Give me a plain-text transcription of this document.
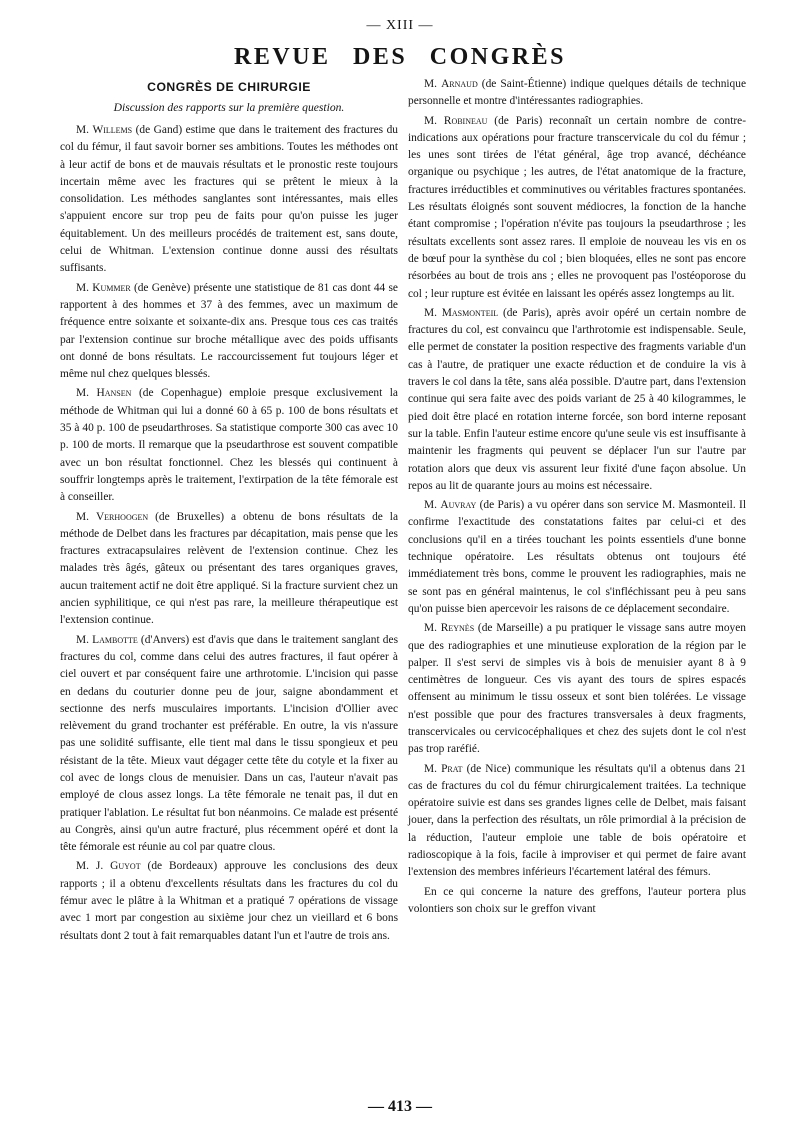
— XIII —
REVUE DES CONGRÈS
CONGRÈS DE CHIRURGIE
Discussion des rapports sur la première question.

M. Willems (de Gand) estime que dans le traitement des fractures du col du fémur, il faut savoir borner ses ambitions. Toutes les méthodes ont à leur actif de bons et de mauvais résultats et le pronostic reste toujours incertain même avec les fractures qui se prêtent le mieux à la consolidation. Les méthodes sanglantes sont intéressantes, mais elles s'appuient encore sur trop peu de faits pour qu'on puisse les juger équitablement. Un des meilleurs procédés de traitement est, sans doute, celui de Whitman. L'extension continue donne aussi des résultats suffisants.

M. Kummer (de Genève) présente une statistique de 81 cas dont 44 se rapportent à des hommes et 37 à des femmes, avec un maximum de fréquence entre soixante et soixante-dix ans. Presque tous ces cas traités par l'extension continue sur broche métallique avec des poids uffisants ont donné de bons résultats. Le raccourcissement fut toujours léger et même nul chez quelques blessés.

M. Hansen (de Copenhague) emploie presque exclusivement la méthode de Whitman qui lui a donné 60 à 65 p. 100 de bons résultats et 35 à 40 p. 100 de pseudarthroses. Sa statistique comporte 300 cas avec 10 p. 100 de morts. Il remarque que la pseudarthrose est souvent compatible avec un bon résultat fonctionnel. Chez les blessés qui continuent à souffrir longtemps après le traitement, l'extirpation de la tête fémorale est à conseiller.

M. Verhoogen (de Bruxelles) a obtenu de bons résultats de la méthode de Delbet dans les fractures par décapitation, mais pense que les fractures extracapsulaires relèvent de l'extension continue. Chez les malades très âgés, gâteux ou présentant des tares organiques graves, aucun traitement actif ne doit être appliqué. Si la fracture survient chez un ancien syphilitique, ce qui n'est pas rare, la meilleure thérapeutique est l'extension continue.

M. Lambotte (d'Anvers) est d'avis que dans le traitement sanglant des fractures du col, comme dans celui des autres fractures, il faut opérer à ciel ouvert et par conséquent faire une arthrotomie. L'incision qui passe en dedans du couturier donne peu de jour, saigne abondamment et sectionne des nerfs musculaires importants. L'incision d'Ollier avec relèvement du grand trochanter est préférable. En outre, la vis n'assure pas une solidité suffisante, elle tient mal dans le tissu spongieux et peu résistant de la tête. Mieux vaut dégager cette tête du cotyle et la fixer au col avec de longs clous de menuisier. Dans un cas, l'auteur n'avait pas employé de clous assez longs. La tête fémorale ne tenait pas, il dut en pratiquer l'ablation. Le résultat fut bon néanmoins. Ce malade est présenté au Congrès, ainsi qu'un autre fracturé, plus récemment opéré et dont la tête fémorale est réunie au col par quatre clous.

M. J. Guyot (de Bordeaux) approuve les conclusions des deux rapports ; il a obtenu d'excellents résultats dans les fractures du col du fémur avec le plâtre à la Whitman et a pratiqué 7 opérations de vissage avec 1 mort par congestion au sixième jour chez un vieillard et 6 bons résultats dont 2 tout à fait remarquables datant l'un et l'autre de trois ans.

M. Arnaud (de Saint-Étienne) indique quelques détails de technique personnelle et montre d'intéressantes radiographies.

M. Robineau (de Paris) reconnaît un certain nombre de contre-indications aux opérations pour fracture transcervicale du col du fémur ; les unes sont tirées de l'état général, âge trop avancé, déchéance organique ou psychique ; les autres, de l'état anatomique de la fracture, fractures irréductibles et comminutives ou véritables fractures spontanées. Les résultats éloignés sont souvent médiocres, la fonction de la hanche étant compromise ; l'opération n'évite pas toujours la pseudarthrose ; les résultats excellents sont assez rares. Il emploie de nouveau les vis en os de bœuf pour la synthèse du col ; bien bloquées, elles ne sont pas encore résorbées au bout de trois ans ; elles ne provoquent pas l'ostéoporose du col ; leur rupture est évitée en laissant les opérés assez longtemps au lit.

M. Masmonteil (de Paris), après avoir opéré un certain nombre de fractures du col, est convaincu que l'arthrotomie est indispensable. Seule, elle permet de constater la position respective des fragments variable d'un cas à l'autre, de pratiquer une exacte réduction et de conduire la vis à travers le col dans la tête, sans aléa possible. D'autre part, dans l'extension continue qui sera faite avec des poids variant de 25 à 40 kilogrammes, le pied doit être placé en rotation interne forcée, son bord interne reposant sur la table. Enfin l'auteur estime encore qu'une seule vis est insuffisante à maintenir les fragments qui peuvent se déplacer l'un sur l'autre par rotation alors que deux vis assurent leur fixité d'une façon absolue. Un repos au lit de quarante jours au moins est nécessaire.

M. Auvray (de Paris) a vu opérer dans son service M. Masmonteil. Il confirme l'exactitude des constatations faites par celui-ci et des conclusions qu'il en a tirées touchant les points essentiels d'une bonne technique opératoire. Les résultats obtenus ont toujours été immédiatement très bons, comme le prouvent les radiographies, mais ne se sont pas en général maintenus, le col s'infléchissant peu à peu sans qu'on puisse bien apercevoir les raisons de ce déplacement secondaire.

M. Reynès (de Marseille) a pu pratiquer le vissage sans autre moyen que des radiographies et une minutieuse exploration de la région par le palper. Il s'est servi de simples vis à bois de menuisier ayant 8 à 9 centimètres de longueur. Ces vis ayant des tours de spires espacés offensent au minimum le tissu osseux et sont bien tolérées. Le vissage n'est possible que pour des fractures transversales à deux fragments, transcervicales ou cervicocéphaliques et chez des sujets dont le col n'est pas trop raréfié.

M. Prat (de Nice) communique les résultats qu'il a obtenus dans 21 cas de fractures du col du fémur chirurgicalement traitées. La technique opératoire suivie est dans ses grandes lignes celle de Delbet, mais faisant jouer, dans la perfection des résultats, un rôle primordial à la précision de la réduction, l'auteur emploie une table de bois opératoire et radioscopique à la fois, facile à improviser et qui permet de faire avant l'extension des membres inférieurs l'écartement latéral des fémurs.

En ce qui concerne la nature des greffons, l'auteur portera plus volontiers son choix sur le greffon vivant

— 413 —
